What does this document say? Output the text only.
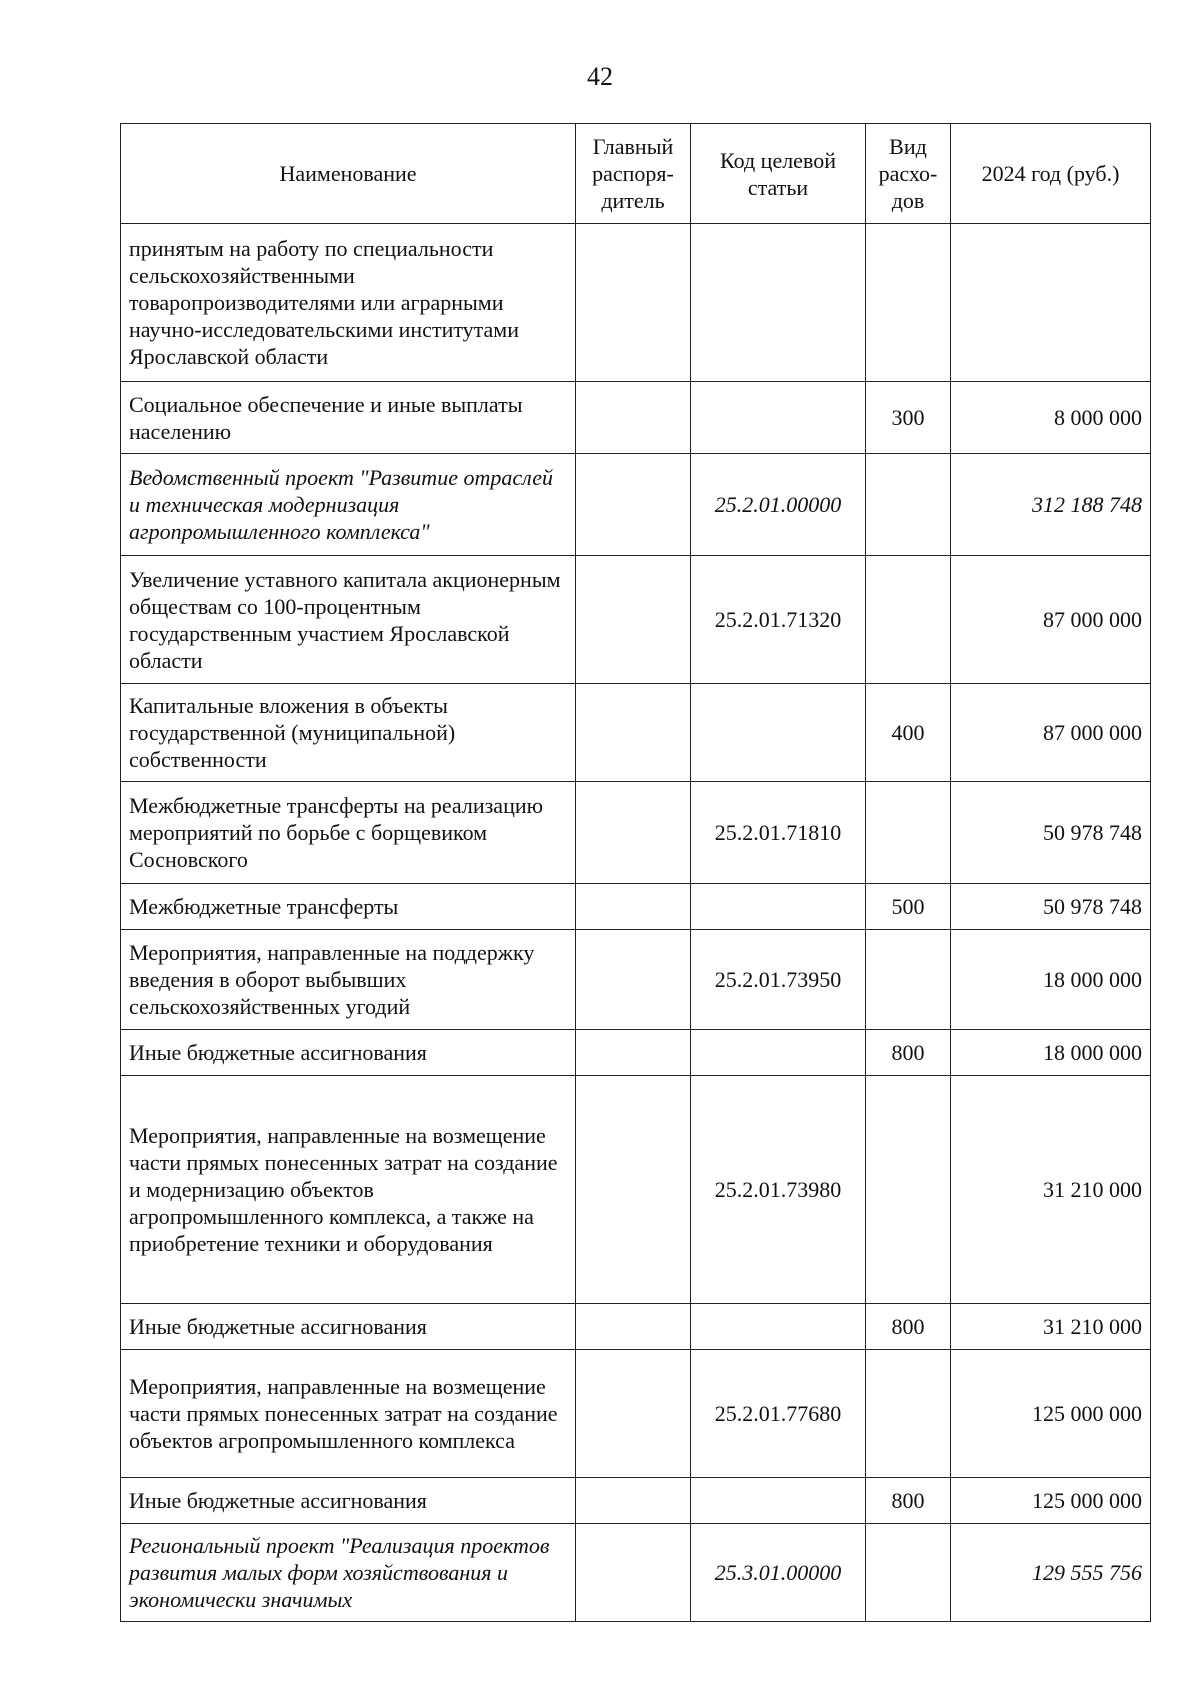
42
Наименование	Главный распоря-дитель	Код целевой статьи	Вид расхо-дов	2024 год (руб.)
принятым на работу по специальности сельскохозяйственными товаропроизводителями или аграрными научно-исследовательскими институтами Ярославской области				
Социальное обеспечение и иные выплаты населению			300	8 000 000
Ведомственный проект "Развитие отраслей и техническая модернизация агропромышленного комплекса"		25.2.01.00000		312 188 748
Увеличение уставного капитала акционерным обществам со 100-процентным государственным участием Ярославской области		25.2.01.71320		87 000 000
Капитальные вложения в объекты государственной (муниципальной) собственности			400	87 000 000
Межбюджетные трансферты на реализацию мероприятий по борьбе с борщевиком Сосновского		25.2.01.71810		50 978 748
Межбюджетные трансферты			500	50 978 748
Мероприятия, направленные на поддержку введения в оборот выбывших сельскохозяйственных угодий		25.2.01.73950		18 000 000
Иные бюджетные ассигнования			800	18 000 000
Мероприятия, направленные на возмещение части прямых понесенных затрат на создание и модернизацию объектов агропромышленного комплекса, а также на приобретение техники и оборудования		25.2.01.73980		31 210 000
Иные бюджетные ассигнования			800	31 210 000
Мероприятия, направленные на возмещение части прямых понесенных затрат на создание объектов агропромышленного комплекса		25.2.01.77680		125 000 000
Иные бюджетные ассигнования			800	125 000 000
Региональный проект "Реализация проектов развития малых форм хозяйствования и экономически значимых		25.3.01.00000		129 555 756
